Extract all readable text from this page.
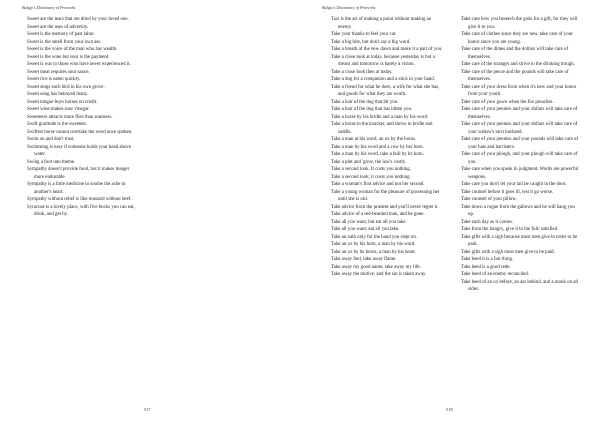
Bulgiy's Dictionary of Proverbs
Sweet are the tears that are dried by your loved one.
Sweet are the uses of adversity.
Sweet is the memory of past labor.
Sweet is the smell from your own ass.
Sweet is the voice of the man who has wealth.
Sweet is the wine but sour is the payment.
Sweet is war to those who have never experienced it.
Sweet meat requires sour sauce.
Sweet rice is eaten quickly.
Sweet sings each bird in his own grove.
Sweet song has betrayed many.
Sweet tongue buys horses on credit.
Sweet wine makes sour vinegar.
Sweetness attracts more flies than sourness.
Swift gratitude is the sweetest.
Swiftest horse cannot overtake the word once spoken.
Swim on and don't trust.
Swimming is easy if someone holds your head above water.
Swing a foot into theme.
Sympathy doesn't provide food, but it makes hunger more endurable.
Sympathy is a little medicine to soothe the ache in another's heart.
Sympathy without relief is like mustard without beef.
Syracuse is a lovely place, with five bucks you can eat, drink, and get by.
517
Bulgiy's Dictionary of Proverbs
Tact is the art of making a point without making an enemy.
Take your thanks to feel your cat.
Take a big bite, but don't say a big word.
Take a breath of the new dawn and make it a part of you.
Take a close look at today, because yesterday is but a dream and tomorrow is barely a vision.
Take a close look then at today.
Take a dog for a companion and a stick in your hand.
Take a friend for what he does, a wife for what she has, and goods for what they are worth.
Take a hair of the dog that bit you.
Take a hair of the dog that has bitten you.
Take a horse by his bridle and a man by his word.
Take a horse to the knacker, and throw in bridle and saddle.
Take a man at his word, an ox by the horns.
Take a man by his word and a cow by her horn.
Take a man by his word, take a bull by its horn.
Take a pint and 'grow, the law's costly.
Take a second look. It costs you nothing.
Take a second look; it costs you nothing.
Take a woman's first advice and not her second.
Take a young woman for the pleasure of possessing her until she is old.
Take advice from the prudent and you'll never regret it.
Take advice of a red-bearded man, and be gone.
Take all you want, but eat all you take.
Take all you want; eat all you take.
Take an oath only for the hand you slept on.
Take an ox by his horn, a man by his word.
Take an ox by its horns, a man by his heart.
Take away fuel, take away flame.
Take away my good name, take away my life.
Take away the motive, and the sin is taken away.
Take care how you beseech the gods for a gift, for they will give it to you.
Take care of clothes since they are new, take care of your honor since you are young.
Take care of the dimes and the dollars will take care of themselves.
Take care of the stranger and strive to the drinking trough.
Take care of the pence and the pounds will take care of themselves.
Take care of your dress from when it's new and your honor from your youth.
Take care of your gown when the fox preaches.
Take care of your pennies and your dollars will take care of themselves.
Take care of your pennies and your dollars will take care of your widow's next husband.
Take care of your pennies and your pounds will take care of your hats and barristers.
Take care of your plough, and your plough will take care of you.
Take care when you speak in judgment. Words are powerful weapons.
Take care you don't let your tail be caught in the door.
Take counsel before it goes ill, lest it go worse.
Take counsel of your pillow.
Take down a rogue from the gallows and he will hang you up.
Take each day as it comes.
Take from the hungry, give it to the full/ satisfied.
Take gifts with a sigh because most men give in order to be paid.
Take gifts with a sigh most men give to be paid.
Take heed it is a fair thing.
Take heed is a good rede.
Take heed of an enemy reconciled.
Take heed of an ox before, an ass behind, and a monk on all sides.
518
